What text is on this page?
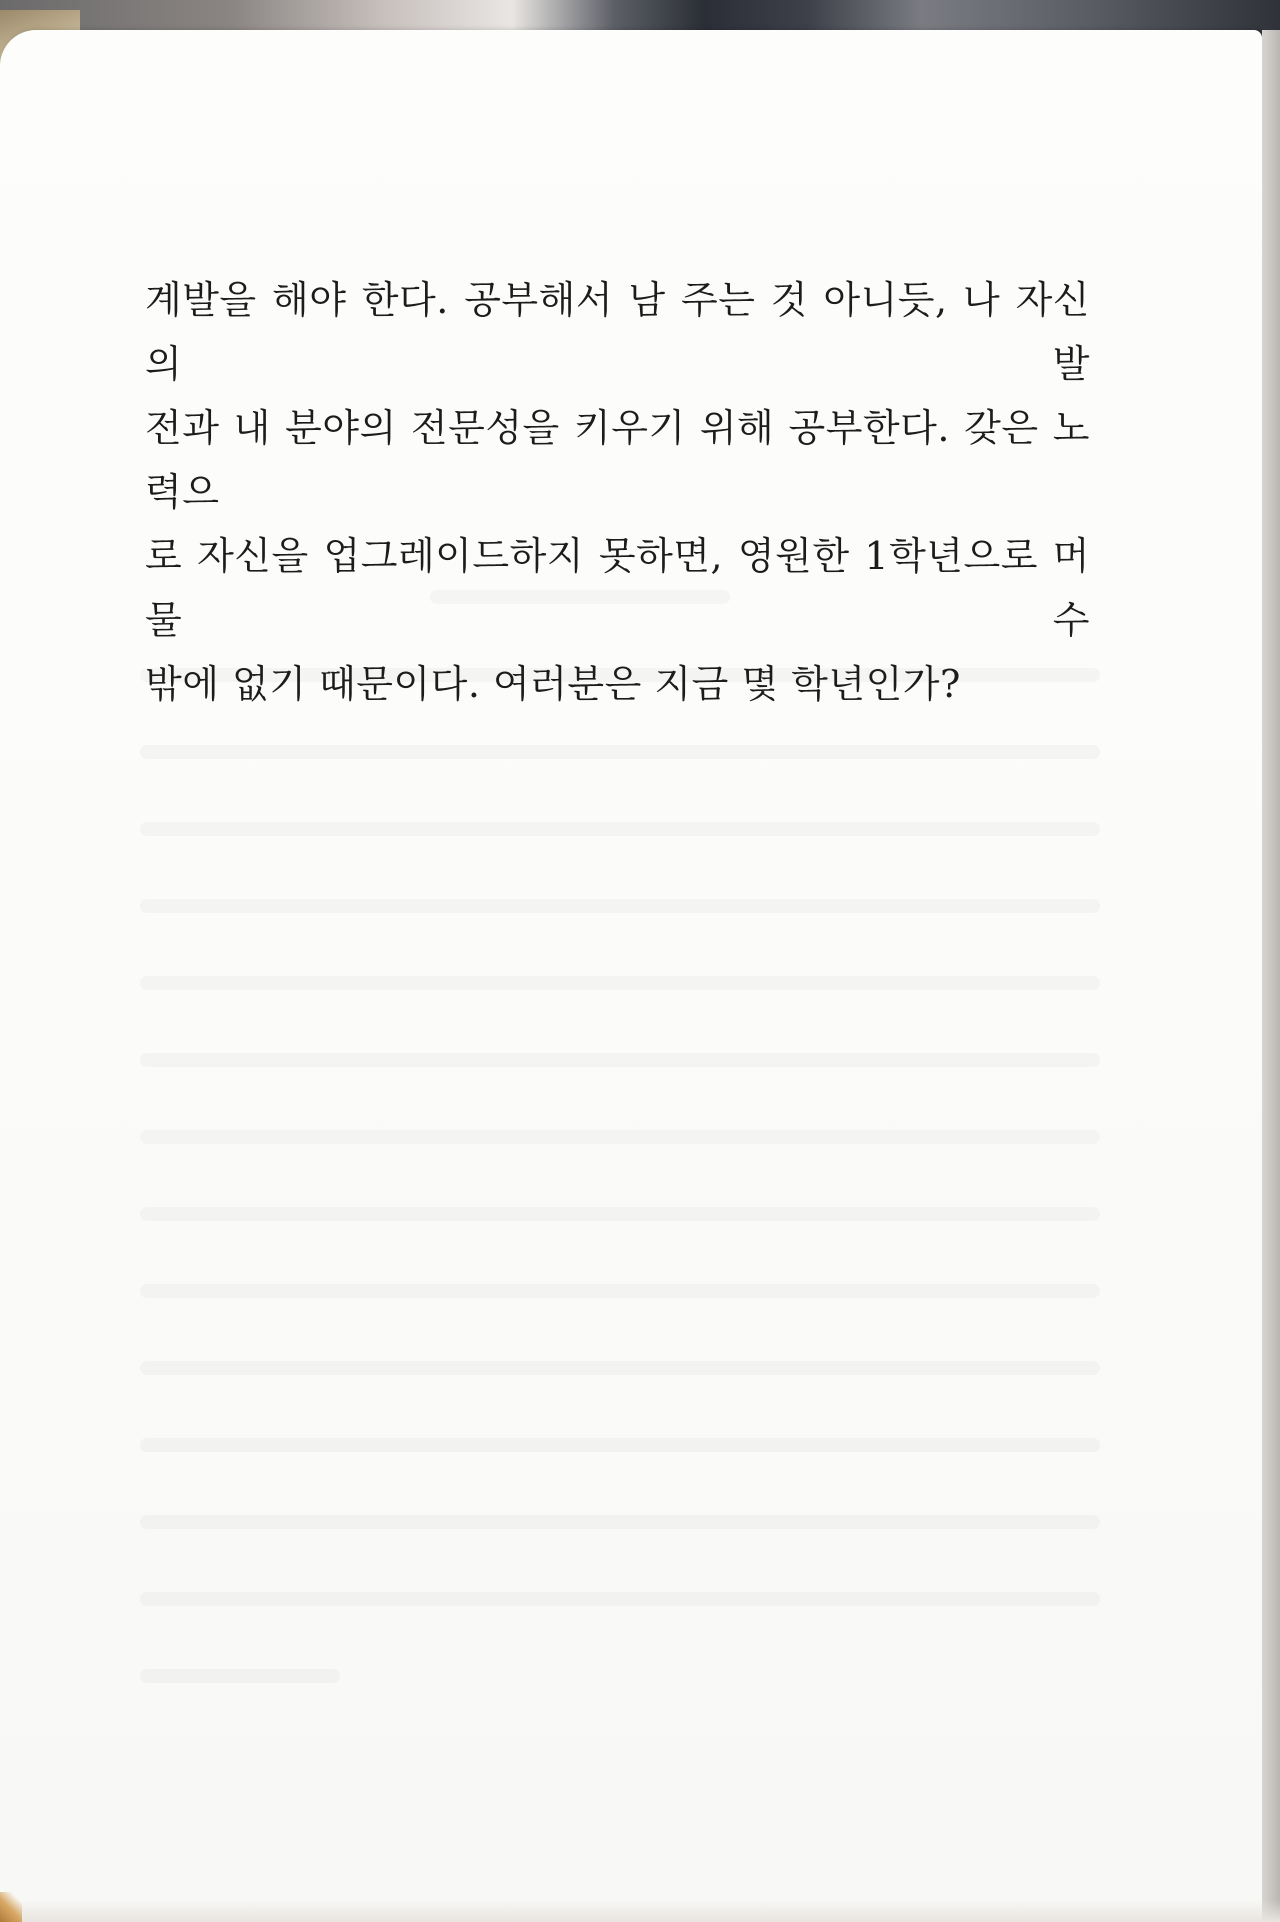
계발을 해야 한다. 공부해서 남 주는 것 아니듯, 나 자신의 발
전과 내 분야의 전문성을 키우기 위해 공부한다. 갖은 노력으
로 자신을 업그레이드하지 못하면, 영원한 1학년으로 머물 수
밖에 없기 때문이다. 여러분은 지금 몇 학년인가?
